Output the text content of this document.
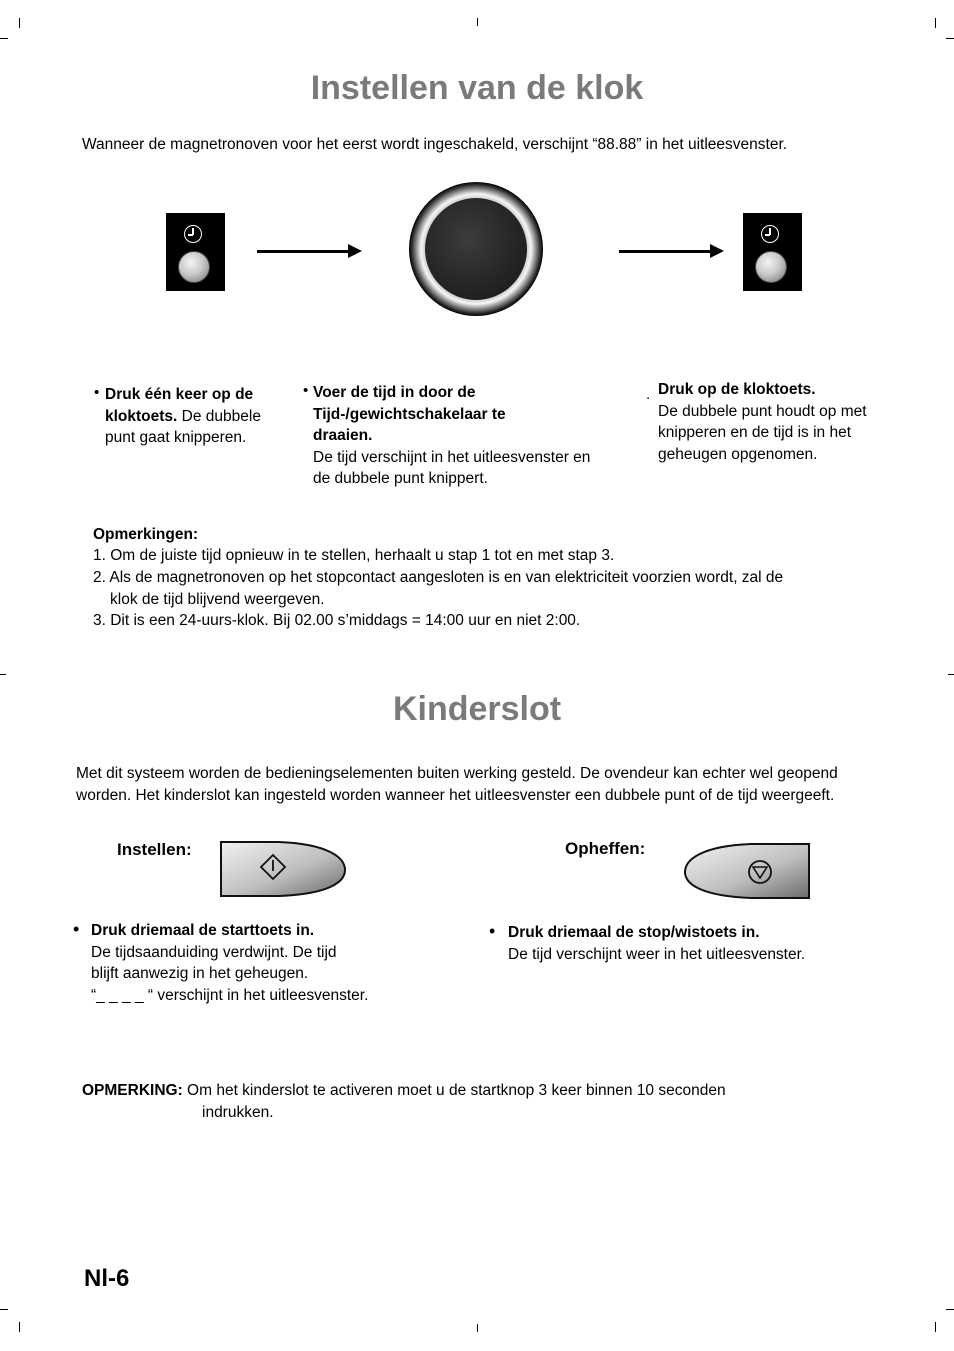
Instellen van de klok
Wanneer de magnetronoven voor het eerst wordt ingeschakeld, verschijnt “88.88” in het uitleesvenster.
• Druk één keer op de kloktoets. De dubbele punt gaat knipperen.
• Voer de tijd in door de Tijd-/gewichtschakelaar te draaien.
De tijd verschijnt in het uitleesvenster en de dubbele punt knippert.
. Druk op de kloktoets.
De dubbele punt houdt op met knipperen en de tijd is in het geheugen opgenomen.
Opmerkingen:
1. Om de juiste tijd opnieuw in te stellen, herhaalt u stap 1 tot en met stap 3.
2. Als de magnetronoven op het stopcontact aangesloten is en van elektriciteit voorzien wordt, zal de
klok de tijd blijvend weergeven.
3. Dit is een 24-uurs-klok. Bij 02.00 s’middags = 14:00 uur en niet 2:00.
Kinderslot
Met dit systeem worden de bedieningselementen buiten werking gesteld. De ovendeur kan echter wel geopend worden. Het kinderslot kan ingesteld worden wanneer het uitleesvenster een dubbele punt of de tijd weergeeft.
Instellen:	Opheffen:
• Druk driemaal de starttoets in.
De tijdsaanduiding verdwijnt. De tijd
blijft aanwezig in het geheugen.
“_ _ _ _ “ verschijnt in het uitleesvenster.
• Druk driemaal de stop/wistoets in.
De tijd verschijnt weer in het uitleesvenster.
OPMERKING: Om het kinderslot te activeren moet u de startknop 3 keer binnen 10 seconden
indrukken.
Nl-6
